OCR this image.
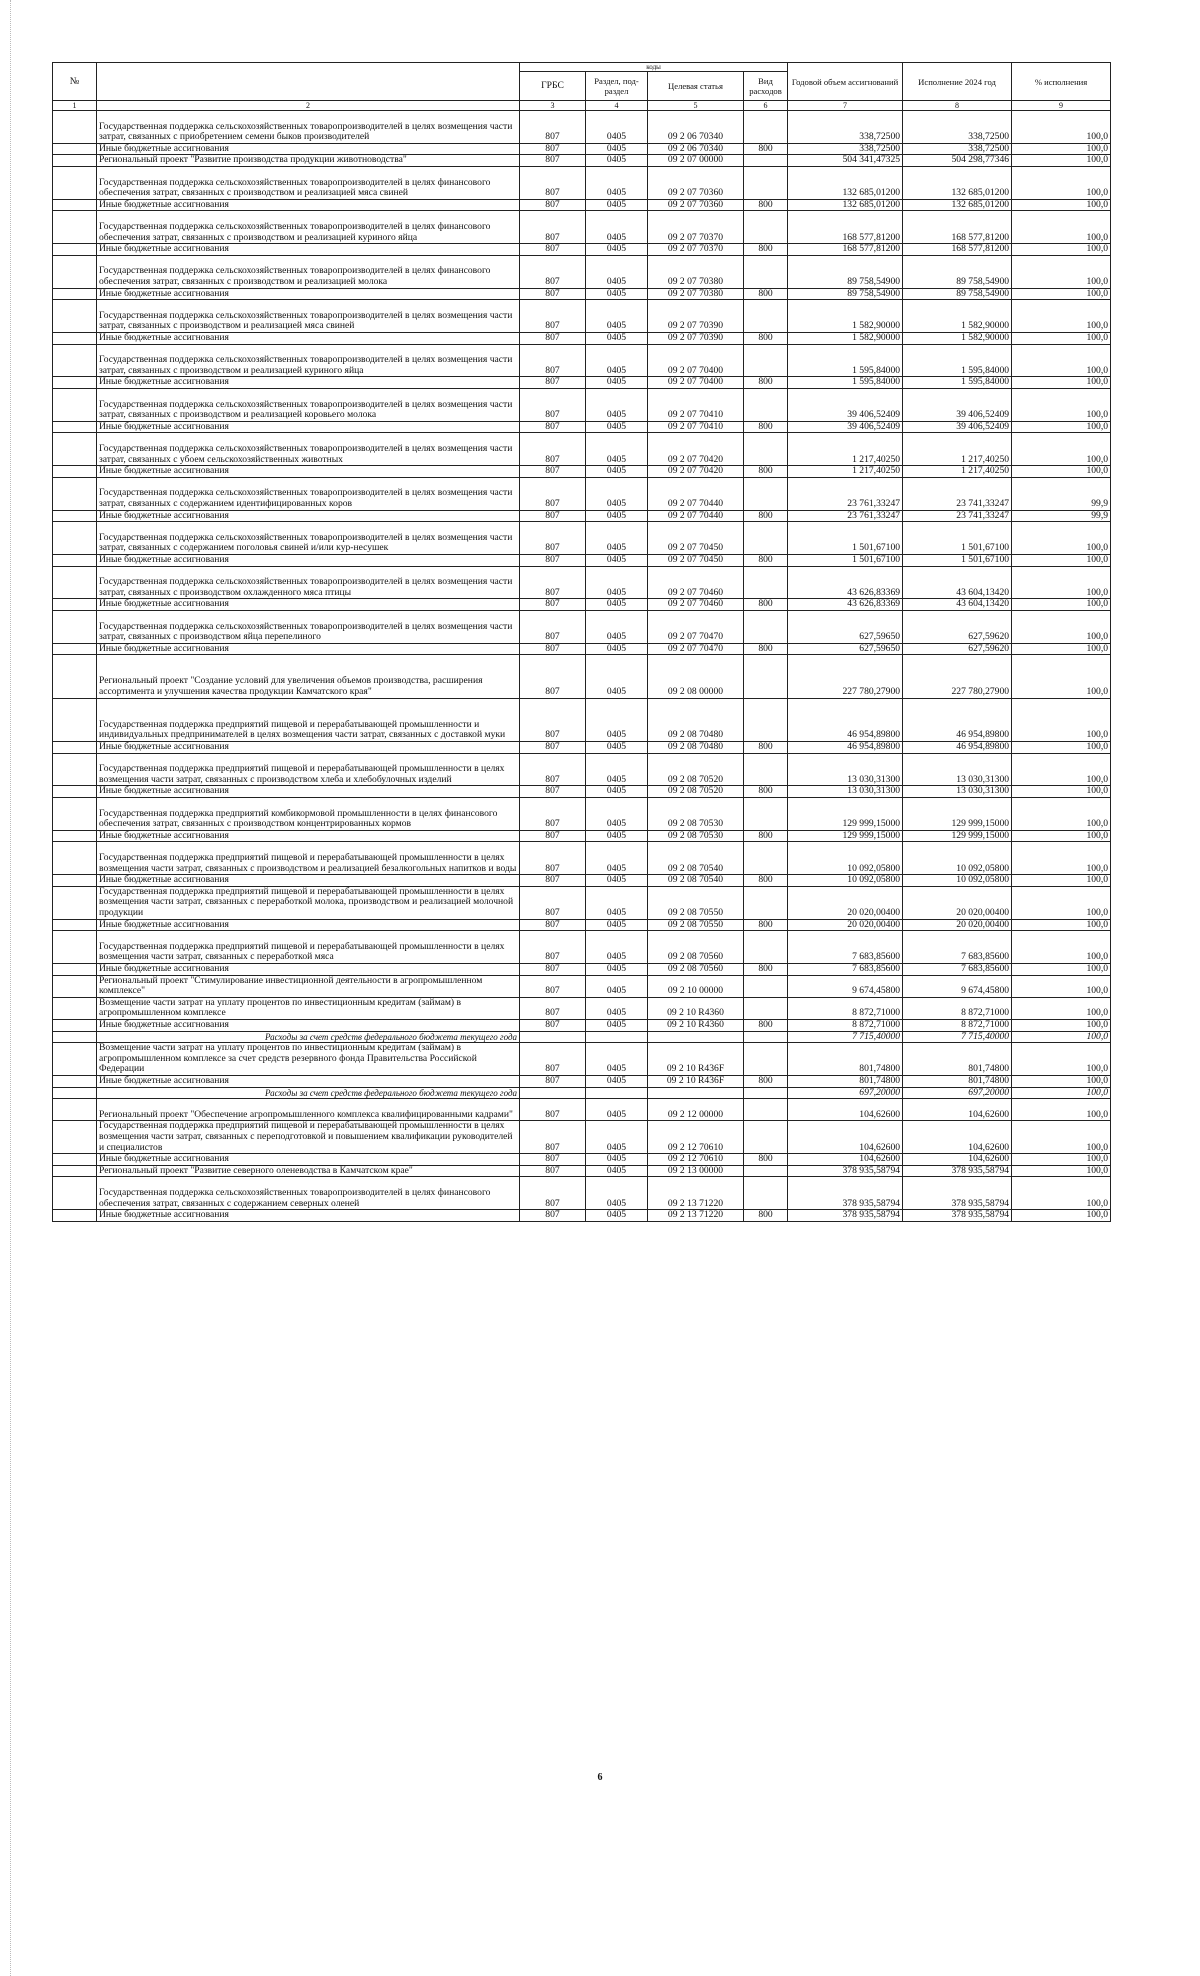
№		коды				Годовой объем ассигнований	Исполнение 2024 год	% исполнения
		ГРБС	Раздел, под-раздел	Целевая статья	Вид расходов			
1	2	3	4	5	6	7	8	9
	Государственная поддержка сельскохозяйственных товаропроизводителей в целях возмещения части затрат, связанных с приобретением семени быков производителей	807	0405	09 2 06 70340		338,72500	338,72500	100,0
	Иные бюджетные ассигнования	807	0405	09 2 06 70340	800	338,72500	338,72500	100,0
	Региональный проект "Развитие производства продукции животноводства"	807	0405	09 2 07 00000		504 341,47325	504 298,77346	100,0
	Государственная поддержка сельскохозяйственных товаропроизводителей в целях финансового обеспечения затрат, связанных с производством и реализацией мяса свиней	807	0405	09 2 07 70360		132 685,01200	132 685,01200	100,0
	Иные бюджетные ассигнования	807	0405	09 2 07 70360	800	132 685,01200	132 685,01200	100,0
	Государственная поддержка сельскохозяйственных товаропроизводителей в целях финансового обеспечения затрат, связанных с производством и реализацией куриного яйца	807	0405	09 2 07 70370		168 577,81200	168 577,81200	100,0
	Иные бюджетные ассигнования	807	0405	09 2 07 70370	800	168 577,81200	168 577,81200	100,0
	Государственная поддержка сельскохозяйственных товаропроизводителей в целях финансового обеспечения затрат, связанных с производством и реализацией молока	807	0405	09 2 07 70380		89 758,54900	89 758,54900	100,0
	Иные бюджетные ассигнования	807	0405	09 2 07 70380	800	89 758,54900	89 758,54900	100,0
	Государственная поддержка сельскохозяйственных товаропроизводителей в целях возмещения части затрат, связанных с производством и реализацией мяса свиней	807	0405	09 2 07 70390		1 582,90000	1 582,90000	100,0
	Иные бюджетные ассигнования	807	0405	09 2 07 70390	800	1 582,90000	1 582,90000	100,0
	Государственная поддержка сельскохозяйственных товаропроизводителей в целях возмещения части затрат, связанных с производством и реализацией куриного яйца	807	0405	09 2 07 70400		1 595,84000	1 595,84000	100,0
	Иные бюджетные ассигнования	807	0405	09 2 07 70400	800	1 595,84000	1 595,84000	100,0
	Государственная поддержка сельскохозяйственных товаропроизводителей в целях возмещения части затрат, связанных с производством и реализацией коровьего молока	807	0405	09 2 07 70410		39 406,52409	39 406,52409	100,0
	Иные бюджетные ассигнования	807	0405	09 2 07 70410	800	39 406,52409	39 406,52409	100,0
	Государственная поддержка сельскохозяйственных товаропроизводителей в целях возмещения части затрат, связанных с убоем сельскохозяйственных животных	807	0405	09 2 07 70420		1 217,40250	1 217,40250	100,0
	Иные бюджетные ассигнования	807	0405	09 2 07 70420	800	1 217,40250	1 217,40250	100,0
	Государственная поддержка сельскохозяйственных товаропроизводителей в целях возмещения части затрат, связанных с содержанием идентифицированных коров	807	0405	09 2 07 70440		23 761,33247	23 741,33247	99,9
	Иные бюджетные ассигнования	807	0405	09 2 07 70440	800	23 761,33247	23 741,33247	99,9
	Государственная поддержка сельскохозяйственных товаропроизводителей в целях возмещения части затрат, связанных с содержанием поголовья свиней и/или кур-несушек	807	0405	09 2 07 70450		1 501,67100	1 501,67100	100,0
	Иные бюджетные ассигнования	807	0405	09 2 07 70450	800	1 501,67100	1 501,67100	100,0
	Государственная поддержка сельскохозяйственных товаропроизводителей в целях возмещения части затрат, связанных с производством охлажденного мяса птицы	807	0405	09 2 07 70460		43 626,83369	43 604,13420	100,0
	Иные бюджетные ассигнования	807	0405	09 2 07 70460	800	43 626,83369	43 604,13420	100,0
	Государственная поддержка сельскохозяйственных товаропроизводителей в целях возмещения части затрат, связанных с производством яйца перепелиного	807	0405	09 2 07 70470		627,59650	627,59620	100,0
	Иные бюджетные ассигнования	807	0405	09 2 07 70470	800	627,59650	627,59620	100,0
	Региональный проект "Создание условий для увеличения объемов производства, расширения ассортимента и улучшения качества продукции Камчатского края"	807	0405	09 2 08 00000		227 780,27900	227 780,27900	100,0
	Государственная поддержка предприятий пищевой и перерабатывающей промышленности и индивидуальных предпринимателей в целях возмещения части затрат, связанных с доставкой муки	807	0405	09 2 08 70480		46 954,89800	46 954,89800	100,0
	Иные бюджетные ассигнования	807	0405	09 2 08 70480	800	46 954,89800	46 954,89800	100,0
	Государственная поддержка предприятий пищевой и перерабатывающей промышленности в целях возмещения части затрат, связанных с производством хлеба и хлебобулочных изделий	807	0405	09 2 08 70520		13 030,31300	13 030,31300	100,0
	Иные бюджетные ассигнования	807	0405	09 2 08 70520	800	13 030,31300	13 030,31300	100,0
	Государственная поддержка предприятий комбикормовой промышленности в целях финансового обеспечения затрат, связанных с производством концентрированных кормов	807	0405	09 2 08 70530		129 999,15000	129 999,15000	100,0
	Иные бюджетные ассигнования	807	0405	09 2 08 70530	800	129 999,15000	129 999,15000	100,0
	Государственная поддержка предприятий пищевой и перерабатывающей промышленности в целях возмещения части затрат, связанных с производством и реализацией безалкогольных напитков и воды	807	0405	09 2 08 70540		10 092,05800	10 092,05800	100,0
	Иные бюджетные ассигнования	807	0405	09 2 08 70540	800	10 092,05800	10 092,05800	100,0
	Государственная поддержка предприятий пищевой и перерабатывающей промышленности в целях возмещения части затрат, связанных с переработкой молока, производством и реализацией молочной продукции	807	0405	09 2 08 70550		20 020,00400	20 020,00400	100,0
	Иные бюджетные ассигнования	807	0405	09 2 08 70550	800	20 020,00400	20 020,00400	100,0
	Государственная поддержка предприятий пищевой и перерабатывающей промышленности в целях возмещения части затрат, связанных с переработкой мяса	807	0405	09 2 08 70560		7 683,85600	7 683,85600	100,0
	Иные бюджетные ассигнования	807	0405	09 2 08 70560	800	7 683,85600	7 683,85600	100,0
	Региональный проект "Стимулирование инвестиционной деятельности в агропромышленном комплексе"	807	0405	09 2 10 00000		9 674,45800	9 674,45800	100,0
	Возмещение части затрат на уплату процентов по инвестиционным кредитам (займам) в агропромышленном комплексе	807	0405	09 2 10 R4360		8 872,71000	8 872,71000	100,0
	Иные бюджетные ассигнования	807	0405	09 2 10 R4360	800	8 872,71000	8 872,71000	100,0
	Расходы за счет средств федерального бюджета текущего года					7 715,40000	7 715,40000	100,0
	Возмещение части затрат на уплату процентов по инвестиционным кредитам (займам) в агропромышленном комплексе за счет средств резервного фонда Правительства Российской Федерации	807	0405	09 2 10 R436F		801,74800	801,74800	100,0
	Иные бюджетные ассигнования	807	0405	09 2 10 R436F	800	801,74800	801,74800	100,0
	Расходы за счет средств федерального бюджета текущего года					697,20000	697,20000	100,0
	Региональный проект "Обеспечение агропромышленного комплекса квалифицированными кадрами"	807	0405	09 2 12 00000		104,62600	104,62600	100,0
	Государственная поддержка предприятий пищевой и перерабатывающей промышленности в целях возмещения части затрат, связанных с переподготовкой и повышением квалификации руководителей и специалистов	807	0405	09 2 12 70610		104,62600	104,62600	100,0
	Иные бюджетные ассигнования	807	0405	09 2 12 70610	800	104,62600	104,62600	100,0
	Региональный проект "Развитие северного оленеводства в Камчатском крае"	807	0405	09 2 13 00000		378 935,58794	378 935,58794	100,0
	Государственная поддержка сельскохозяйственных товаропроизводителей в целях финансового обеспечения затрат, связанных с содержанием северных оленей	807	0405	09 2 13 71220		378 935,58794	378 935,58794	100,0
	Иные бюджетные ассигнования	807	0405	09 2 13 71220	800	378 935,58794	378 935,58794	100,0
6
